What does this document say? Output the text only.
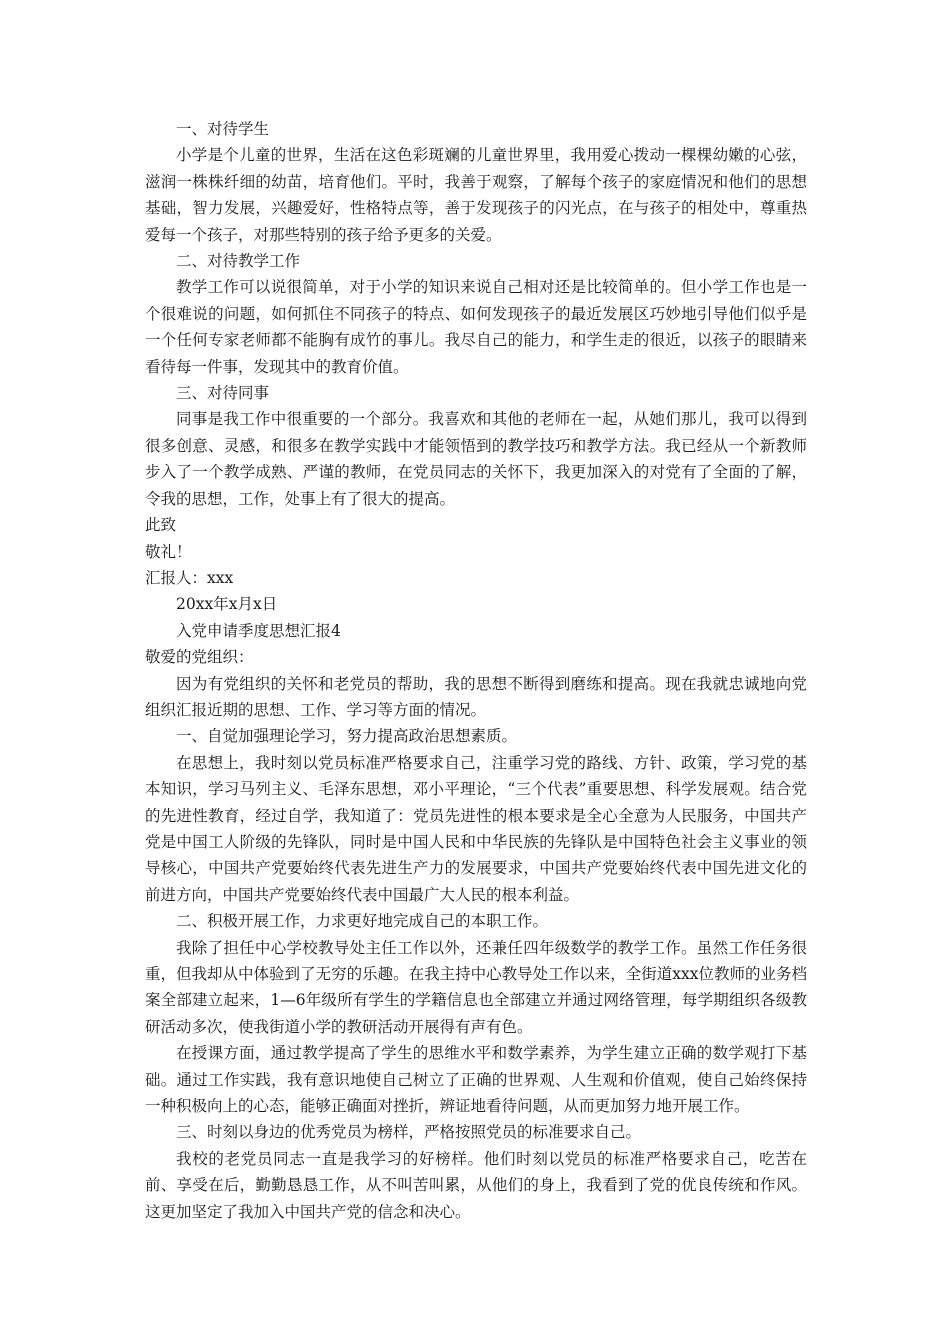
一、对待学生

小学是个儿童的世界，生活在这色彩斑斓的儿童世界里，我用爱心拨动一棵棵幼嫩的心弦，滋润一株株纤细的幼苗，培育他们。平时，我善于观察，了解每个孩子的家庭情况和他们的思想基础，智力发展，兴趣爱好，性格特点等，善于发现孩子的闪光点，在与孩子的相处中，尊重热爱每一个孩子，对那些特别的孩子给予更多的关爱。

二、对待教学工作

教学工作可以说很简单，对于小学的知识来说自己相对还是比较简单的。但小学工作也是一个很难说的问题，如何抓住不同孩子的特点、如何发现孩子的最近发展区巧妙地引导他们似乎是一个任何专家老师都不能胸有成竹的事儿。我尽自己的能力，和学生走的很近，以孩子的眼睛来看待每一件事，发现其中的教育价值。

三、对待同事

同事是我工作中很重要的一个部分。我喜欢和其他的老师在一起，从她们那儿，我可以得到很多创意、灵感，和很多在教学实践中才能领悟到的教学技巧和教学方法。我已经从一个新教师步入了一个教学成熟、严谨的教师，在党员同志的关怀下，我更加深入的对党有了全面的了解，令我的思想，工作，处事上有了很大的提高。

此致

敬礼！

汇报人：xxx

20xx年x月x日

入党申请季度思想汇报4

敬爱的党组织：

因为有党组织的关怀和老党员的帮助，我的思想不断得到磨练和提高。现在我就忠诚地向党组织汇报近期的思想、工作、学习等方面的情况。

一、自觉加强理论学习，努力提高政治思想素质。

在思想上，我时刻以党员标准严格要求自己，注重学习党的路线、方针、政策，学习党的基本知识，学习马列主义、毛泽东思想，邓小平理论，“三个代表”重要思想、科学发展观。结合党的先进性教育，经过自学，我知道了：党员先进性的根本要求是全心全意为人民服务，中国共产党是中国工人阶级的先锋队，同时是中国人民和中华民族的先锋队是中国特色社会主义事业的领导核心，中国共产党要始终代表先进生产力的发展要求，中国共产党要始终代表中国先进文化的前进方向，中国共产党要始终代表中国最广大人民的根本利益。

二、积极开展工作，力求更好地完成自己的本职工作。

我除了担任中心学校教导处主任工作以外，还兼任四年级数学的教学工作。虽然工作任务很重，但我却从中体验到了无穷的乐趣。在我主持中心教导处工作以来，全街道xxx位教师的业务档案全部建立起来，1—6年级所有学生的学籍信息也全部建立并通过网络管理，每学期组织各级教研活动多次，使我街道小学的教研活动开展得有声有色。

在授课方面，通过教学提高了学生的思维水平和数学素养，为学生建立正确的数学观打下基础。通过工作实践，我有意识地使自己树立了正确的世界观、人生观和价值观，使自己始终保持一种积极向上的心态，能够正确面对挫折，辨证地看待问题，从而更加努力地开展工作。

三、时刻以身边的优秀党员为榜样，严格按照党员的标准要求自己。

我校的老党员同志一直是我学习的好榜样。他们时刻以党员的标准严格要求自己，吃苦在前、享受在后，勤勤恳恳工作，从不叫苦叫累，从他们的身上，我看到了党的优良传统和作风。这更加坚定了我加入中国共产党的信念和决心。
